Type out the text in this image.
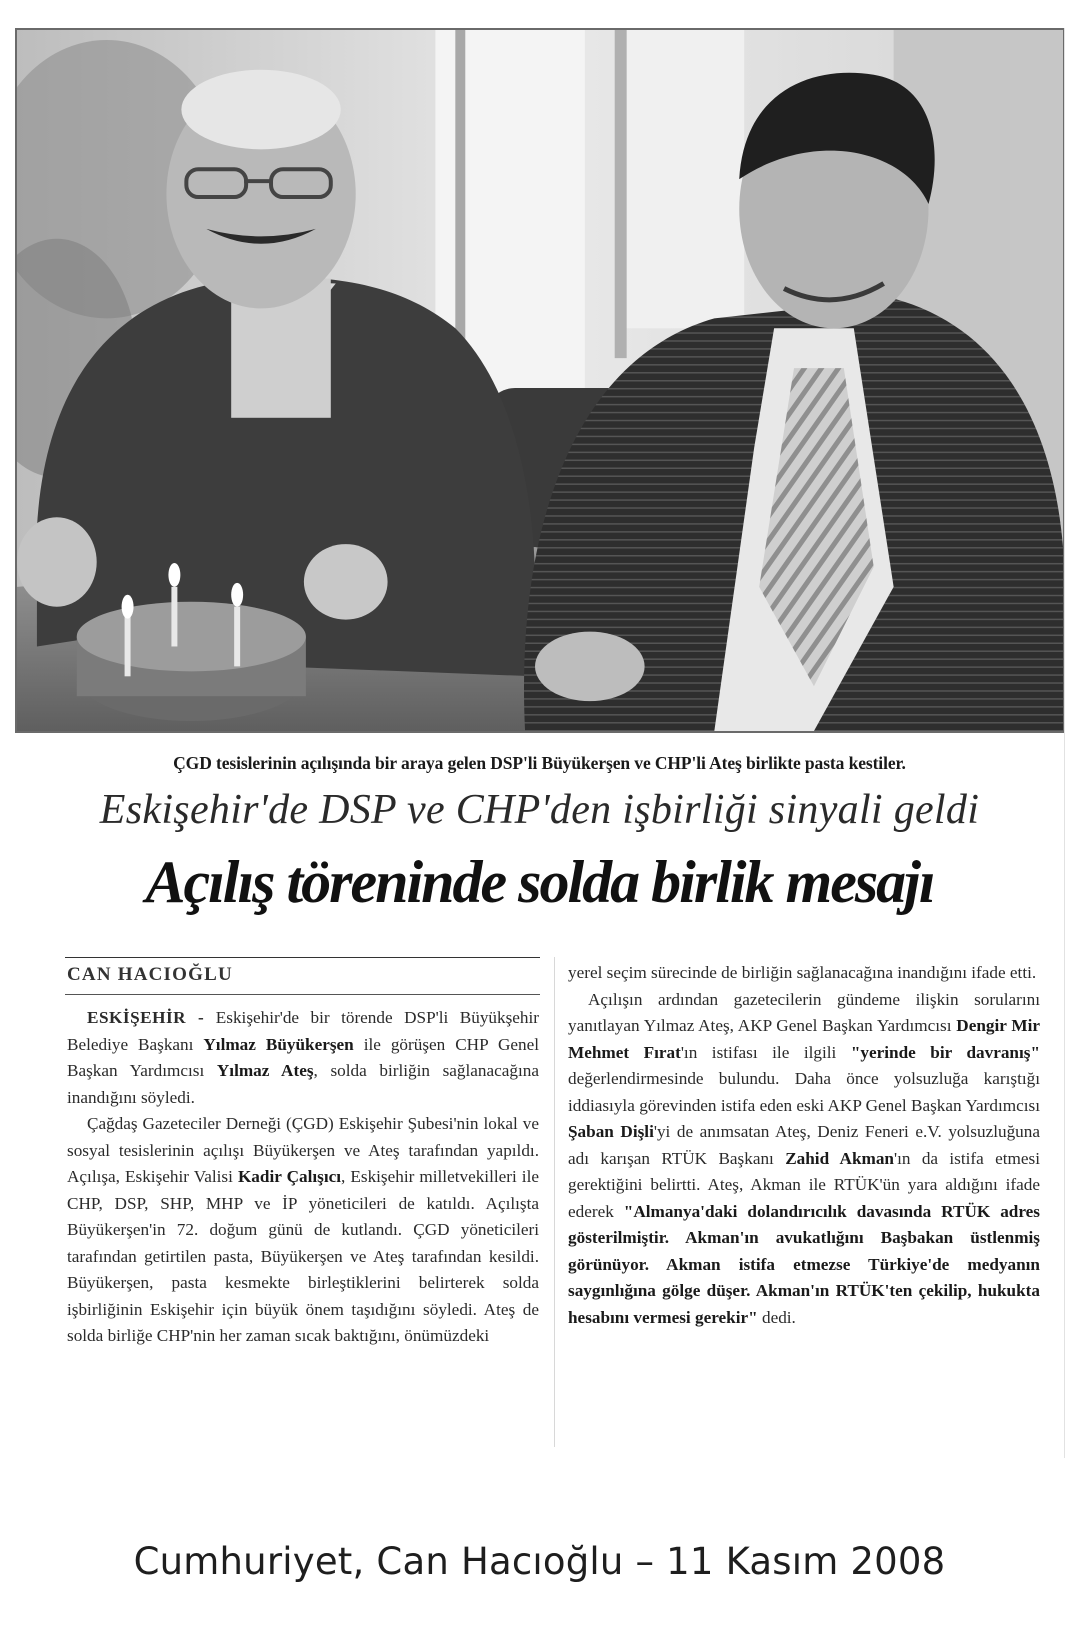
ÇGD tesislerinin açılışında bir araya gelen DSP'li Büyükerşen ve CHP'li Ateş birlikte pasta kestiler.
Eskişehir'de DSP ve CHP'den işbirliği sinyali geldi
Açılış töreninde solda birlik mesajı
CAN HACIOĞLU

ESKİŞEHİR - Eskişehir'de bir törende DSP'li Büyükşehir Belediye Başkanı Yılmaz Büyükerşen ile görüşen CHP Genel Başkan Yardımcısı Yılmaz Ateş, solda birliğin sağlanacağına inandığını söyledi.

Çağdaş Gazeteciler Derneği (ÇGD) Eskişehir Şubesi'nin lokal ve sosyal tesislerinin açılışı Büyükerşen ve Ateş tarafından yapıldı. Açılışa, Eskişehir Valisi Kadir Çalışıcı, Eskişehir milletvekilleri ile CHP, DSP, SHP, MHP ve İP yöneticileri de katıldı. Açılışta Büyükerşen'in 72. doğum günü de kutlandı. ÇGD yöneticileri tarafından getirtilen pasta, Büyükerşen ve Ateş tarafından kesildi. Büyükerşen, pasta kesmekte birleştiklerini belirterek solda işbirliğinin Eskişehir için büyük önem taşıdığını söyledi. Ateş de solda birliğe CHP'nin her zaman sıcak baktığını, önümüzdeki

yerel seçim sürecinde de birliğin sağlanacağına inandığını ifade etti.

Açılışın ardından gazetecilerin gündeme ilişkin sorularını yanıtlayan Yılmaz Ateş, AKP Genel Başkan Yardımcısı Dengir Mir Mehmet Fırat'ın istifası ile ilgili "yerinde bir davranış" değerlendirmesinde bulundu. Daha önce yolsuzluğa karıştığı iddiasıyla görevinden istifa eden eski AKP Genel Başkan Yardımcısı Şaban Dişli'yi de anımsatan Ateş, Deniz Feneri e.V. yolsuzluğuna adı karışan RTÜK Başkanı Zahid Akman'ın da istifa etmesi gerektiğini belirtti. Ateş, Akman ile RTÜK'ün yara aldığını ifade ederek "Almanya'daki dolandırıcılık davasında RTÜK adres gösterilmiştir. Akman'ın avukatlığını Başbakan üstlenmiş görünüyor. Akman istifa etmezse Türkiye'de medyanın saygınlığına gölge düşer. Akman'ın RTÜK'ten çekilip, hukukta hesabını vermesi gerekir" dedi.

Cumhuriyet, Can Hacıoğlu – 11 Kasım 2008
